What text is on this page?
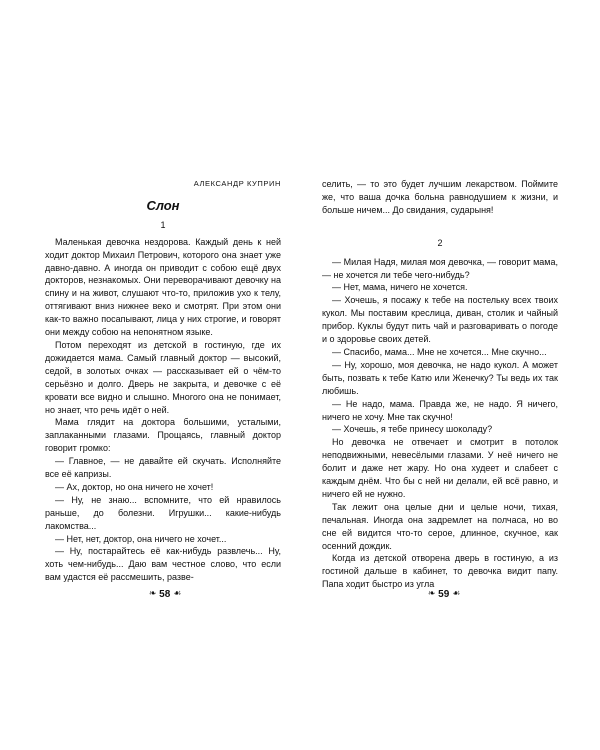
АЛЕКСАНДР КУПРИН
Слон
1

Маленькая девочка нездорова. Каждый день к ней ходит доктор Михаил Петрович, которого она знает уже давно-давно. А иногда он приводит с собою ещё двух докторов, незнакомых. Они переворачивают девочку на спину и на живот, слушают что-то, приложив ухо к телу, оттягивают вниз нижнее веко и смотрят. При этом они как-то важно посапывают, лица у них строгие, и говорят они между собою на непонятном языке.

Потом переходят из детской в гостиную, где их дожидается мама. Самый главный доктор — высокий, седой, в золотых очках — рассказывает ей о чём-то серьёзно и долго. Дверь не закрыта, и девочке с её кровати все видно и слышно. Многого она не понимает, но знает, что речь идёт о ней.

Мама глядит на доктора большими, усталыми, заплаканными глазами. Прощаясь, главный доктор говорит громко:

— Главное, — не давайте ей скучать. Исполняйте все её капризы.

— Ах, доктор, но она ничего не хочет!

— Ну, не знаю... вспомните, что ей нравилось раньше, до болезни. Игрушки... какие-нибудь лакомства...

— Нет, нет, доктор, она ничего не хочет...

— Ну, постарайтесь её как-нибудь развлечь... Ну, хоть чем-нибудь... Даю вам честное слово, что если вам удастся её рассмешить, разве-

❧ 58 ☙

селить, — то это будет лучшим лекарством. Поймите же, что ваша дочка больна равнодушием к жизни, и больше ничем... До свидания, сударыня!

2

— Милая Надя, милая моя девочка, — говорит мама, — не хочется ли тебе чего-нибудь?

— Нет, мама, ничего не хочется.

— Хочешь, я посажу к тебе на постельку всех твоих кукол. Мы поставим креслица, диван, столик и чайный прибор. Куклы будут пить чай и разговаривать о погоде и о здоровье своих детей.

— Спасибо, мама... Мне не хочется... Мне скучно...

— Ну, хорошо, моя девочка, не надо кукол. А может быть, позвать к тебе Катю или Женечку? Ты ведь их так любишь.

— Не надо, мама. Правда же, не надо. Я ничего, ничего не хочу. Мне так скучно!

— Хочешь, я тебе принесу шоколаду?

Но девочка не отвечает и смотрит в потолок неподвижными, невесёлыми глазами. У неё ничего не болит и даже нет жару. Но она худеет и слабеет с каждым днём. Что бы с ней ни делали, ей всё равно, и ничего ей не нужно.

Так лежит она целые дни и целые ночи, тихая, печальная. Иногда она задремлет на полчаса, но во сне ей видится что-то серое, длинное, скучное, как осенний дождик.

Когда из детской отворена дверь в гостиную, а из гостиной дальше в кабинет, то девочка видит папу. Папа ходит быстро из угла

❧ 59 ☙
